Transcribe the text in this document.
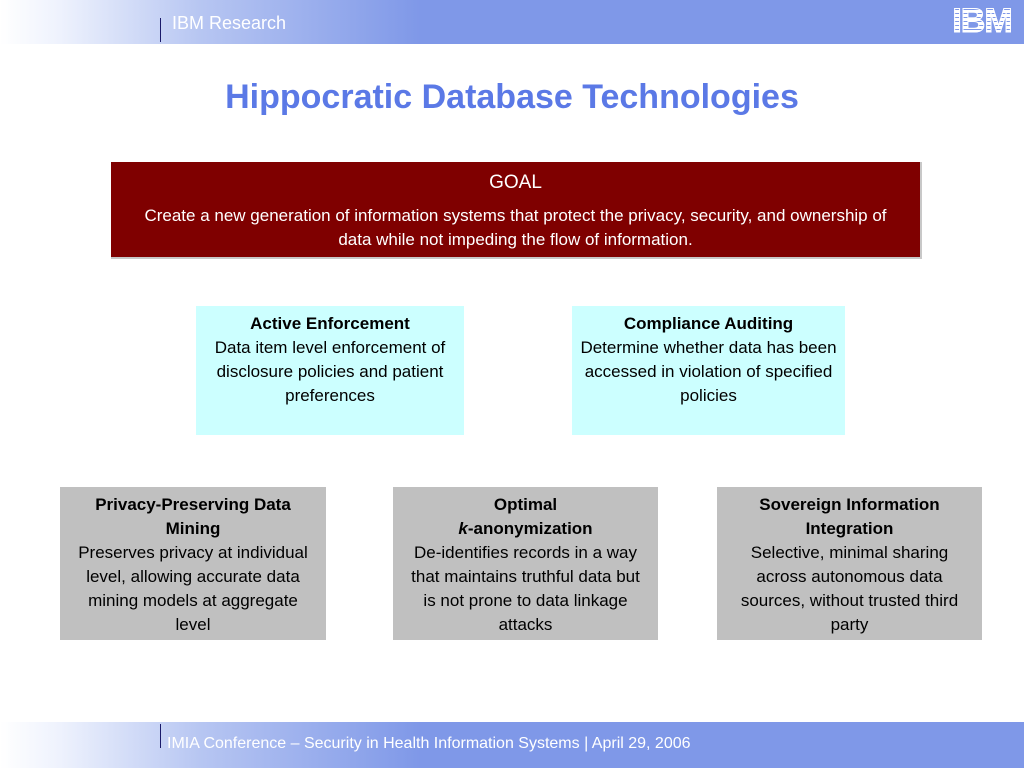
IBM Research	IBM
Hippocratic Database Technologies
GOAL
Create a new generation of information systems that protect the privacy, security, and ownership of data while not impeding the flow of information.
Active Enforcement
Data item level enforcement of disclosure policies and patient preferences
Compliance Auditing
Determine whether data has been accessed in violation of specified policies
Privacy-Preserving Data Mining
Preserves privacy at individual level, allowing accurate data mining models at aggregate level
Optimal
k-anonymization
De-identifies records in a way that maintains truthful data but is not prone to data linkage attacks
Sovereign Information Integration
Selective, minimal sharing across autonomous data sources, without trusted third party
IMIA Conference – Security in Health Information Systems | April 29, 2006
